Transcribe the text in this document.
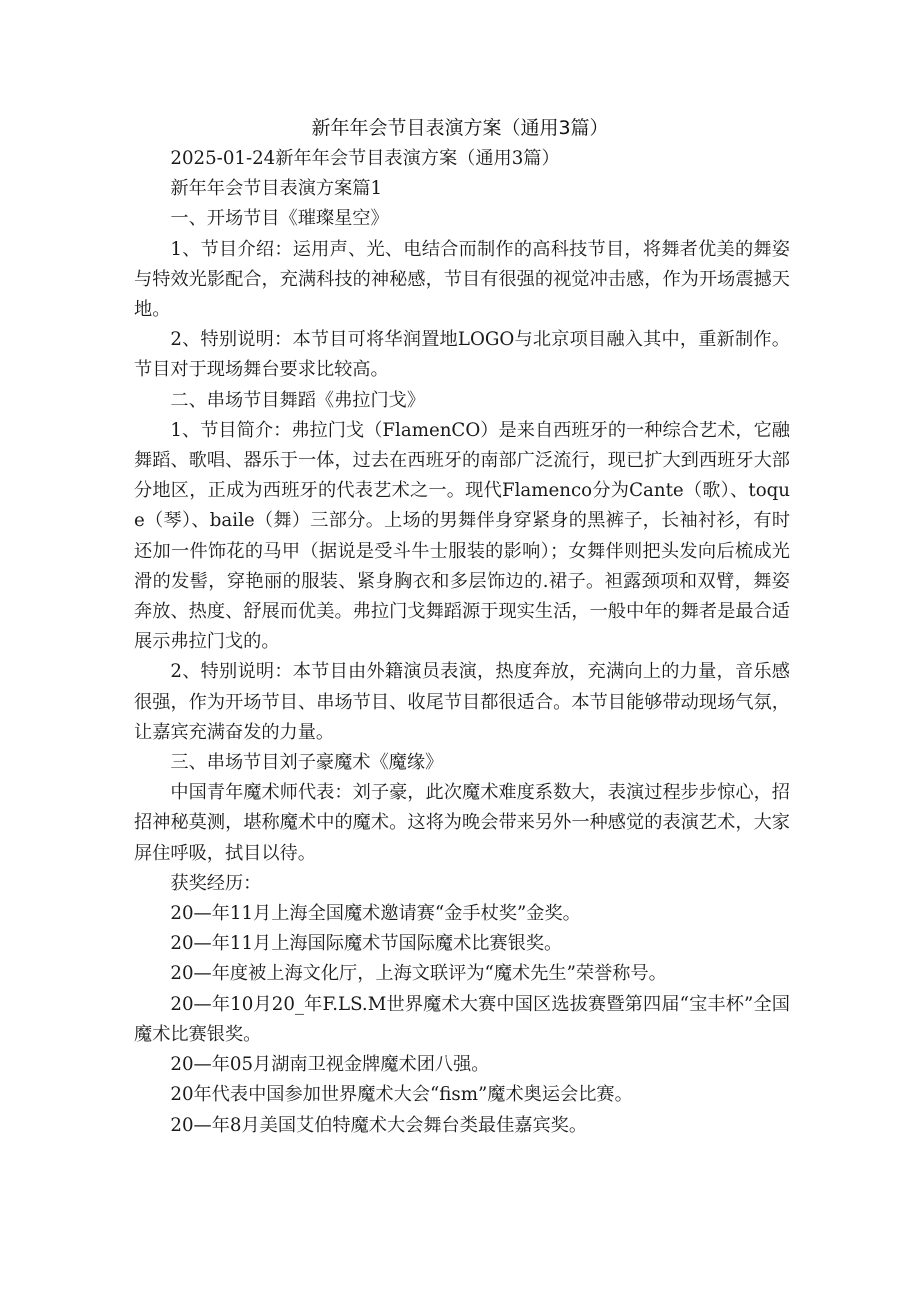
新年年会节目表演方案（通用3篇）

2025-01-24新年年会节目表演方案（通用3篇）

新年年会节目表演方案篇1

一、开场节目《璀璨星空》

1、节目介绍：运用声、光、电结合而制作的高科技节目，将舞者优美的舞姿与特效光影配合，充满科技的神秘感，节目有很强的视觉冲击感，作为开场震撼天地。

2、特别说明：本节目可将华润置地LOGO与北京项目融入其中，重新制作。节目对于现场舞台要求比较高。

二、串场节目舞蹈《弗拉门戈》

1、节目简介：弗拉门戈（FlamenCO）是来自西班牙的一种综合艺术，它融舞蹈、歌唱、器乐于一体，过去在西班牙的南部广泛流行，现已扩大到西班牙大部分地区，正成为西班牙的代表艺术之一。现代Flamenco分为Cante（歌）、toque（琴）、baile（舞）三部分。上场的男舞伴身穿紧身的黑裤子，长袖衬衫，有时还加一件饰花的马甲（据说是受斗牛士服装的影响）；女舞伴则把头发向后梳成光滑的发髻，穿艳丽的服装、紧身胸衣和多层饰边的.裙子。袒露颈项和双臂，舞姿奔放、热度、舒展而优美。弗拉门戈舞蹈源于现实生活，一般中年的舞者是最合适展示弗拉门戈的。

2、特别说明：本节目由外籍演员表演，热度奔放，充满向上的力量，音乐感很强，作为开场节目、串场节目、收尾节目都很适合。本节目能够带动现场气氛，让嘉宾充满奋发的力量。

三、串场节目刘子豪魔术《魔缘》

中国青年魔术师代表：刘子豪，此次魔术难度系数大，表演过程步步惊心，招招神秘莫测，堪称魔术中的魔术。这将为晚会带来另外一种感觉的表演艺术，大家屏住呼吸，拭目以待。

获奖经历：

20—年11月上海全国魔术邀请赛“金手杖奖”金奖。

20—年11月上海国际魔术节国际魔术比赛银奖。

20—年度被上海文化厅，上海文联评为“魔术先生”荣誉称号。

20—年10月20_年F.LS.M世界魔术大赛中国区选拔赛暨第四届“宝丰杯”全国魔术比赛银奖。

20—年05月湖南卫视金牌魔术团八强。

20年代表中国参加世界魔术大会“fism”魔术奥运会比赛。

20—年8月美国艾伯特魔术大会舞台类最佳嘉宾奖。
